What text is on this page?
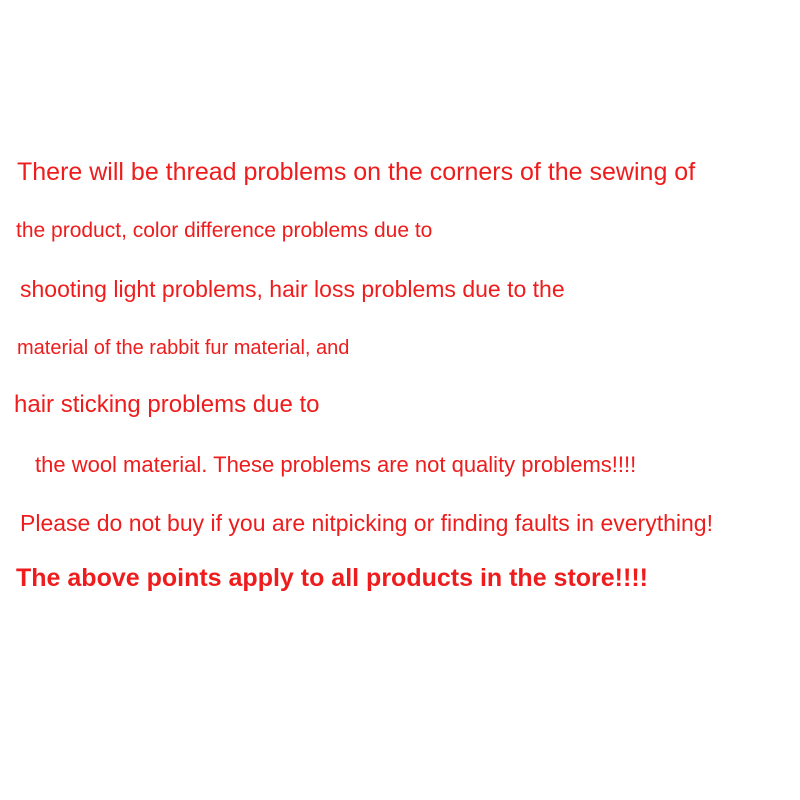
There will be thread problems on the corners of the sewing of
the product, color difference problems due to
shooting light problems, hair loss problems due to the
material of the rabbit fur material, and
hair sticking problems due to
the wool material. These problems are not quality problems!!!!
Please do not buy if you are nitpicking or finding faults in everything!
The above points apply to all products in the store!!!!
